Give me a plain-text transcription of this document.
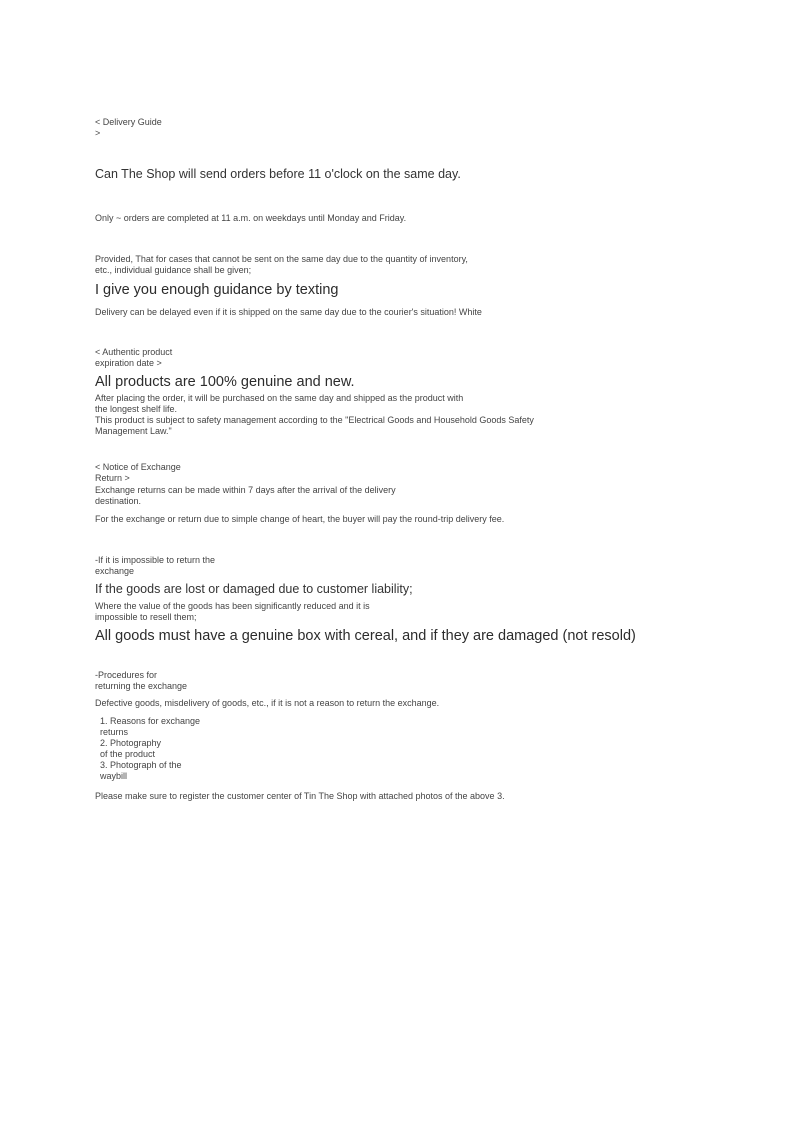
< Delivery Guide
>

Can The Shop will send orders before 11 o'clock on the same day.

Only ~ orders are completed at 11 a.m. on weekdays until Monday and Friday.

Provided, That for cases that cannot be sent on the same day due to the quantity of inventory,
etc., individual guidance shall be given;

I give you enough guidance by texting

Delivery can be delayed even if it is shipped on the same day due to the courier's situation! White

< Authentic product
expiration date >

All products are 100% genuine and new.

After placing the order, it will be purchased on the same day and shipped as the product with
the longest shelf life.
This product is subject to safety management according to the "Electrical Goods and Household Goods Safety
Management Law."

< Notice of Exchange
Return >

Exchange returns can be made within 7 days after the arrival of the delivery
destination.

For the exchange or return due to simple change of heart, the buyer will pay the round-trip delivery fee.

-If it is impossible to return the
exchange

If the goods are lost or damaged due to customer liability;

Where the value of the goods has been significantly reduced and it is
impossible to resell them;

All goods must have a genuine box with cereal, and if they are damaged (not resold)

-Procedures for
returning the exchange

Defective goods, misdelivery of goods, etc., if it is not a reason to return the exchange.

1. Reasons for exchange
returns
2. Photography
of the product
3. Photograph of the
waybill

Please make sure to register the customer center of Tin The Shop with attached photos of the above 3.
